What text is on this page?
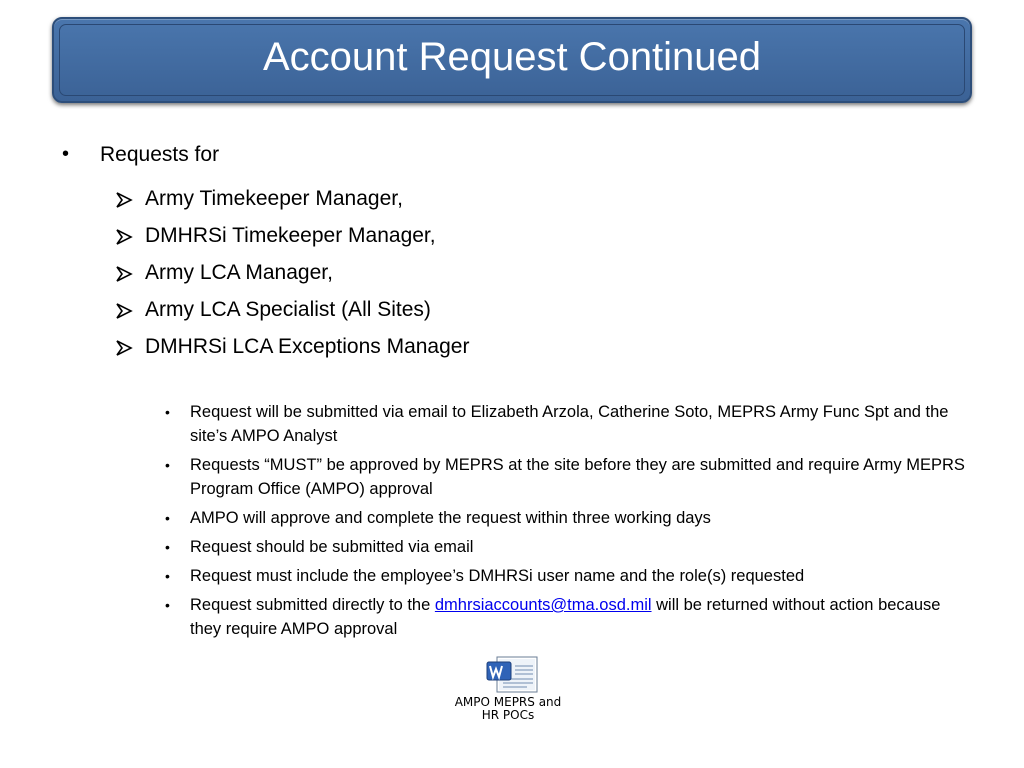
Account Request Continued
•	Requests for
Army Timekeeper Manager,
DMHRSi Timekeeper Manager,
Army LCA Manager,
Army LCA Specialist (All Sites)
DMHRSi LCA Exceptions Manager
•	Request will be submitted via email to Elizabeth Arzola, Catherine Soto, MEPRS Army Func Spt and the site’s AMPO Analyst
•	Requests “MUST” be approved by MEPRS at the site before they are submitted and require Army MEPRS Program Office (AMPO) approval
•	AMPO will approve and complete the request within three working days
•	Request should be submitted via email
•	Request must include the employee’s DMHRSi user name and the role(s) requested
•	Request submitted directly to the dmhrsiaccounts@tma.osd.mil will be returned without action because they require AMPO approval
AMPO MEPRS and
HR POCs
